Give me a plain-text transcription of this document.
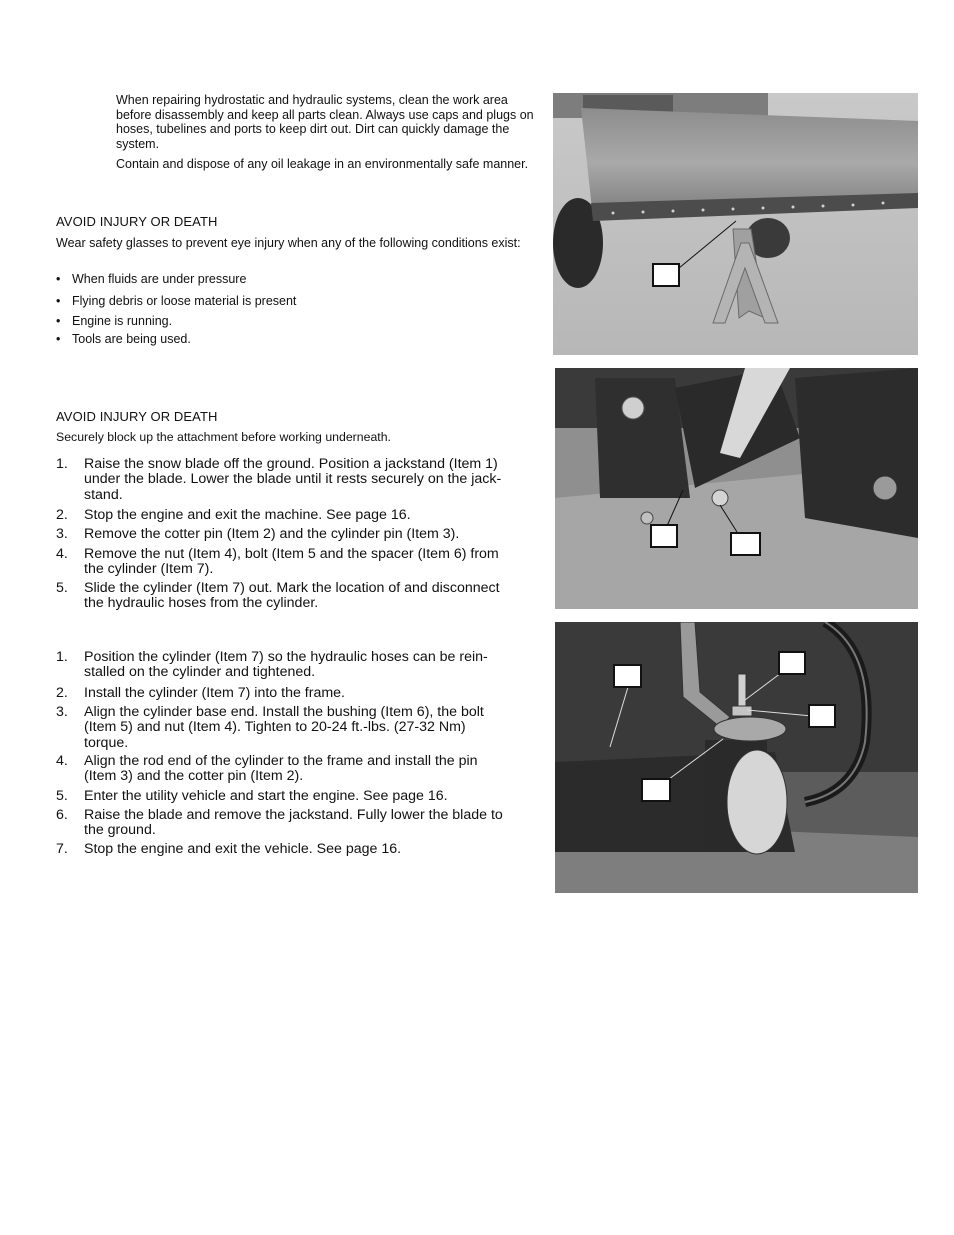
When repairing hydrostatic and hydraulic systems, clean the work area before disassembly and keep all parts clean. Always use caps and plugs on hoses, tubelines and ports to keep dirt out. Dirt can quickly damage the system.
Contain and dispose of any oil leakage in an environmentally safe manner.
AVOID INJURY OR DEATH
Wear safety glasses to prevent eye injury when any of the following conditions exist:
• When fluids are under pressure
• Flying debris or loose material is present
• Engine is running.
• Tools are being used.
AVOID INJURY OR DEATH
Securely block up the attachment before working underneath.
1. Raise the snow blade off the ground. Position a jackstand (Item 1)
under the blade. Lower the blade until it rests securely on the jack-
stand.
2. Stop the engine and exit the machine. See page 16.
3. Remove the cotter pin (Item 2) and the cylinder pin (Item 3).
4. Remove the nut (Item 4), bolt (Item 5 and the spacer (Item 6) from
the cylinder (Item 7).
5. Slide the cylinder (Item 7) out. Mark the location of and disconnect
the hydraulic hoses from the cylinder.
1. Position the cylinder (Item 7) so the hydraulic hoses can be rein-
stalled on the cylinder and tightened.
2. Install the cylinder (Item 7) into the frame.
3. Align the cylinder base end. Install the bushing (Item 6), the bolt
(Item 5) and nut (Item 4). Tighten to 20-24 ft.-lbs. (27-32 Nm)
torque.
4. Align the rod end of the cylinder to the frame and install the pin
(Item 3) and the cotter pin (Item 2).
5. Enter the utility vehicle and start the engine. See page 16.
6. Raise the blade and remove the jackstand. Fully lower the blade to
the ground.
7. Stop the engine and exit the vehicle. See page 16.
